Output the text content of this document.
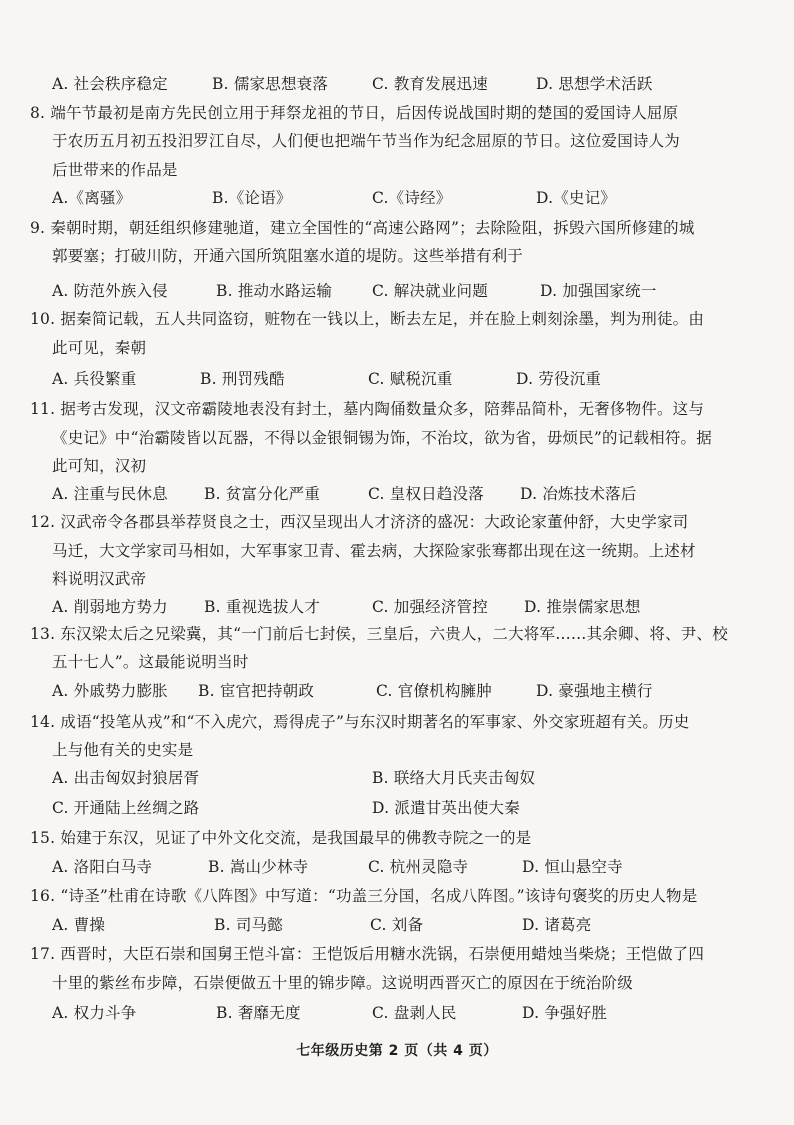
A. 社会秩序稳定	B. 儒家思想衰落	C. 教育发展迅速	D. 思想学术活跃
8. 端午节最初是南方先民创立用于拜祭龙祖的节日，后因传说战国时期的楚国的爱国诗人屈原
于农历五月初五投汨罗江自尽，人们便也把端午节当作为纪念屈原的节日。这位爱国诗人为
后世带来的作品是
A.《离骚》	B.《论语》	C.《诗经》	D.《史记》
9. 秦朝时期，朝廷组织修建驰道，建立全国性的“高速公路网”；去除险阻，拆毁六国所修建的城
郭要塞；打破川防，开通六国所筑阻塞水道的堤防。这些举措有利于
A. 防范外族入侵	B. 推动水路运输	C. 解决就业问题	D. 加强国家统一
10. 据秦简记载，五人共同盗窃，赃物在一钱以上，断去左足，并在脸上刺刻涂墨，判为刑徒。由
此可见，秦朝
A. 兵役繁重	B. 刑罚残酷	C. 赋税沉重	D. 劳役沉重
11. 据考古发现，汉文帝霸陵地表没有封土，墓内陶俑数量众多，陪葬品简朴，无奢侈物件。这与
《史记》中“治霸陵皆以瓦器，不得以金银铜锡为饰，不治坟，欲为省，毋烦民”的记载相符。据
此可知，汉初
A. 注重与民休息 B. 贫富分化严重	C. 皇权日趋没落 D. 冶炼技术落后
12. 汉武帝令各郡县举荐贤良之士，西汉呈现出人才济济的盛况：大政论家董仲舒，大史学家司
马迁，大文学家司马相如，大军事家卫青、霍去病，大探险家张骞都出现在这一统期。上述材
料说明汉武帝
A. 削弱地方势力 B. 重视选拔人才	C. 加强经济管控 D. 推崇儒家思想
13. 东汉梁太后之兄梁冀，其“一门前后七封侯，三皇后，六贵人，二大将军……其余卿、将、尹、校
五十七人”。这最能说明当时
A. 外戚势力膨胀 B. 宦官把持朝政	C. 官僚机构臃肿	D. 豪强地主横行
14. 成语“投笔从戎”和“不入虎穴，焉得虎子”与东汉时期著名的军事家、外交家班超有关。历史
上与他有关的史实是
A. 出击匈奴封狼居胥	B. 联络大月氏夹击匈奴
C. 开通陆上丝绸之路	D. 派遣甘英出使大秦
15. 始建于东汉，见证了中外文化交流，是我国最早的佛教寺院之一的是
A. 洛阳白马寺	B. 嵩山少林寺	C. 杭州灵隐寺	D. 恒山悬空寺
16. “诗圣”杜甫在诗歌《八阵图》中写道：“功盖三分国，名成八阵图。”该诗句褒奖的历史人物是
A. 曹操	B. 司马懿	C. 刘备	D. 诸葛亮
17. 西晋时，大臣石崇和国舅王恺斗富：王恺饭后用糖水洗锅，石崇便用蜡烛当柴烧；王恺做了四
十里的紫丝布步障，石崇便做五十里的锦步障。这说明西晋灭亡的原因在于统治阶级
A. 权力斗争	B. 奢靡无度	C. 盘剥人民	D. 争强好胜
七年级历史第 2 页（共 4 页）
